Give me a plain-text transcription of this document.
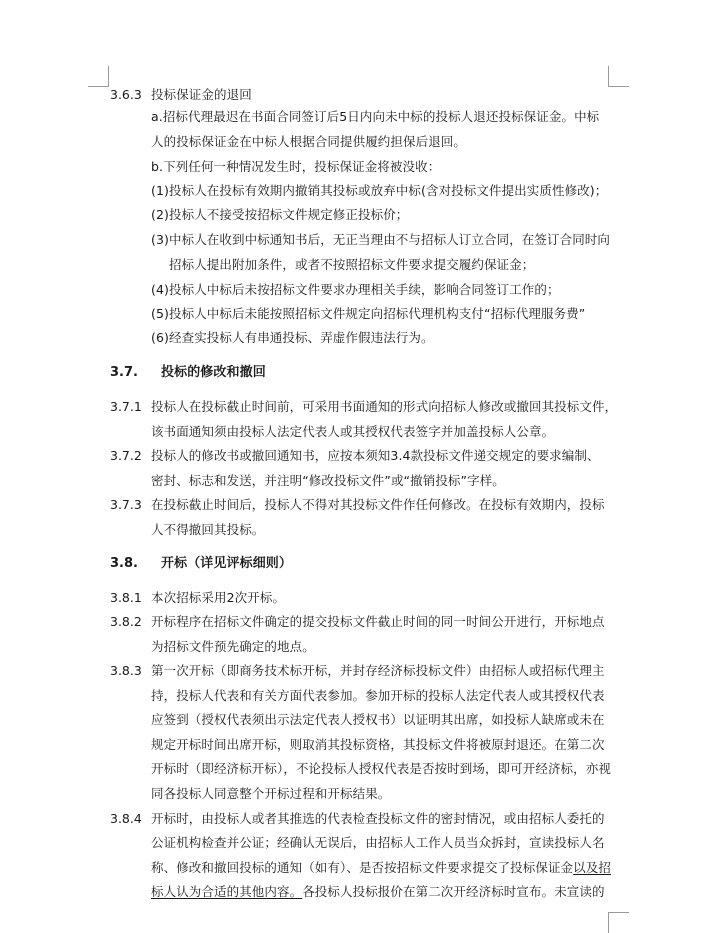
3.6.3 投标保证金的退回
a.招标代理最迟在书面合同签订后5日内向未中标的投标人退还投标保证金。中标
人的投标保证金在中标人根据合同提供履约担保后退回。
b.下列任何一种情况发生时，投标保证金将被没收：
(1)投标人在投标有效期内撤销其投标或放弃中标(含对投标文件提出实质性修改)；
(2)投标人不接受按招标文件规定修正投标价；
(3)中标人在收到中标通知书后，无正当理由不与招标人订立合同，在签订合同时向
招标人提出附加条件，或者不按照招标文件要求提交履约保证金；
(4)投标人中标后未按招标文件要求办理相关手续，影响合同签订工作的；
(5)投标人中标后未能按照招标文件规定向招标代理机构支付“招标代理服务费”
(6)经查实投标人有串通投标、弄虚作假违法行为。
3.7. 投标的修改和撤回
3.7.1 投标人在投标截止时间前，可采用书面通知的形式向招标人修改或撤回其投标文件，
该书面通知须由投标人法定代表人或其授权代表签字并加盖投标人公章。
3.7.2 投标人的修改书或撤回通知书，应按本须知3.4款投标文件递交规定的要求编制、
密封、标志和发送，并注明“修改投标文件”或“撤销投标”字样。
3.7.3 在投标截止时间后，投标人不得对其投标文件作任何修改。在投标有效期内，投标
人不得撤回其投标。
3.8. 开标（详见评标细则）
3.8.1 本次招标采用2次开标。
3.8.2 开标程序在招标文件确定的提交投标文件截止时间的同一时间公开进行，开标地点
为招标文件预先确定的地点。
3.8.3 第一次开标（即商务技术标开标，并封存经济标投标文件）由招标人或招标代理主
持，投标人代表和有关方面代表参加。参加开标的投标人法定代表人或其授权代表
应签到（授权代表须出示法定代表人授权书）以证明其出席，如投标人缺席或未在
规定开标时间出席开标，则取消其投标资格，其投标文件将被原封退还。在第二次
开标时（即经济标开标），不论投标人授权代表是否按时到场，即可开经济标，亦视
同各投标人同意整个开标过程和开标结果。
3.8.4 开标时，由投标人或者其推选的代表检查投标文件的密封情况，或由招标人委托的
公证机构检查并公证；经确认无误后，由招标人工作人员当众拆封，宣读投标人名
称、修改和撤回投标的通知（如有）、是否按招标文件要求提交了投标保证金以及招
标人认为合适的其他内容。各投标人投标报价在第二次开经济标时宣布。未宣读的
